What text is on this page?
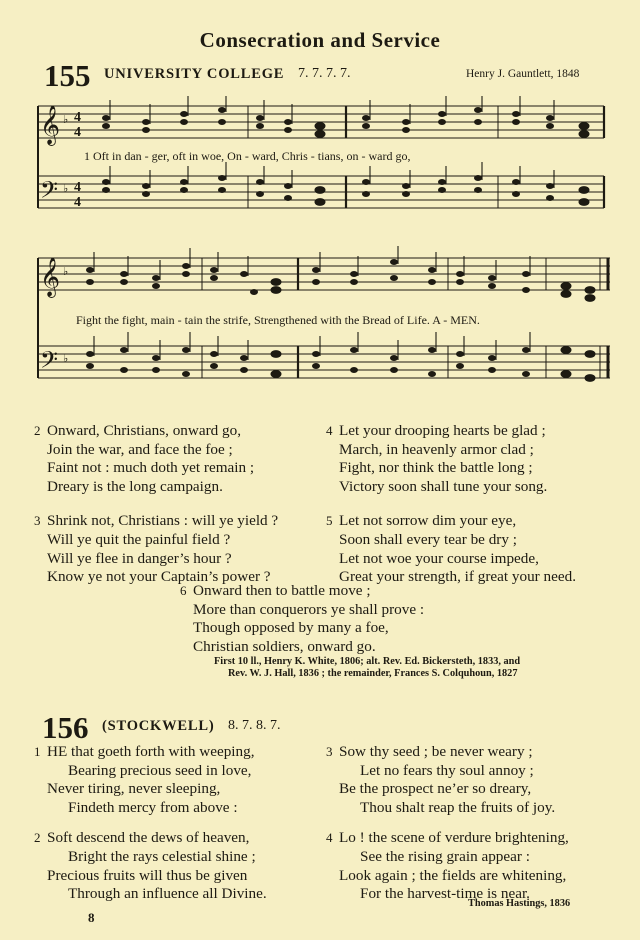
Consecration and Service
155 UNIVERSITY COLLEGE 7. 7. 7. 7.	Henry J. Gauntlett, 1848
𝄞
𝄢
♭
♭
4
4
4
4
1 Oft in dan - ger, oft in woe, On - ward, Chris - tians, on - ward go,
𝄞
𝄢
♭
♭
Fight the fight, main - tain the strife, Strengthened with the Bread of Life. A - MEN.
2 Onward, Christians, onward go,
Join the war, and face the foe ;
Faint not : much doth yet remain ;
Dreary is the long campaign.
3 Shrink not, Christians : will ye yield ?
Will ye quit the painful field ?
Will ye flee in danger’s hour ?
Know ye not your Captain’s power ?
4 Let your drooping hearts be glad ;
March, in heavenly armor clad ;
Fight, nor think the battle long ;
Victory soon shall tune your song.
5 Let not sorrow dim your eye,
Soon shall every tear be dry ;
Let not woe your course impede,
Great your strength, if great your need.
6 Onward then to battle move ;
More than conquerors ye shall prove :
Though opposed by many a foe,
Christian soldiers, onward go.
First 10 ll., Henry K. White, 1806; alt. Rev. Ed. Bickersteth, 1833, and
Rev. W. J. Hall, 1836 ; the remainder, Frances S. Colquhoun, 1827
156 (STOCKWELL) 8. 7. 8. 7.
1 HE that goeth forth with weeping,
Bearing precious seed in love,
Never tiring, never sleeping,
Findeth mercy from above :
2 Soft descend the dews of heaven,
Bright the rays celestial shine ;
Precious fruits will thus be given
Through an influence all Divine.
3 Sow thy seed ; be never weary ;
Let no fears thy soul annoy ;
Be the prospect ne’er so dreary,
Thou shalt reap the fruits of joy.
4 Lo ! the scene of verdure brightening,
See the rising grain appear :
Look again ; the fields are whitening,
For the harvest-time is near.
Thomas Hastings, 1836
8
